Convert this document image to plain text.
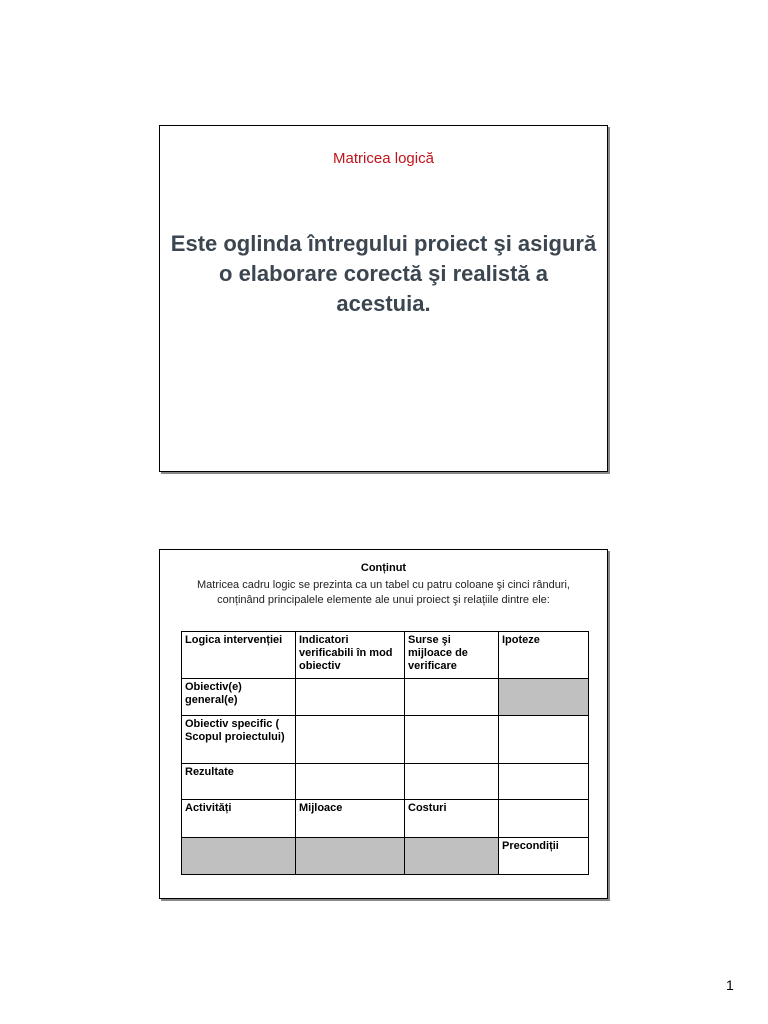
Matricea logică
Este oglinda întregului proiect şi asigură o elaborare corectă şi realistă a acestuia.
Conținut
Matricea cadru logic se prezinta ca un tabel cu patru coloane şi cinci rânduri, conținând principalele elemente ale unui proiect şi relațiile dintre ele:
Logica intervenției	Indicatori verificabili în mod obiectiv	Surse şi mijloace de verificare	Ipoteze
Obiectiv(e) general(e)			
Obiectiv specific ( Scopul proiectului)			
Rezultate			
Activități	Mijloace	Costuri	
			Precondiții
1
